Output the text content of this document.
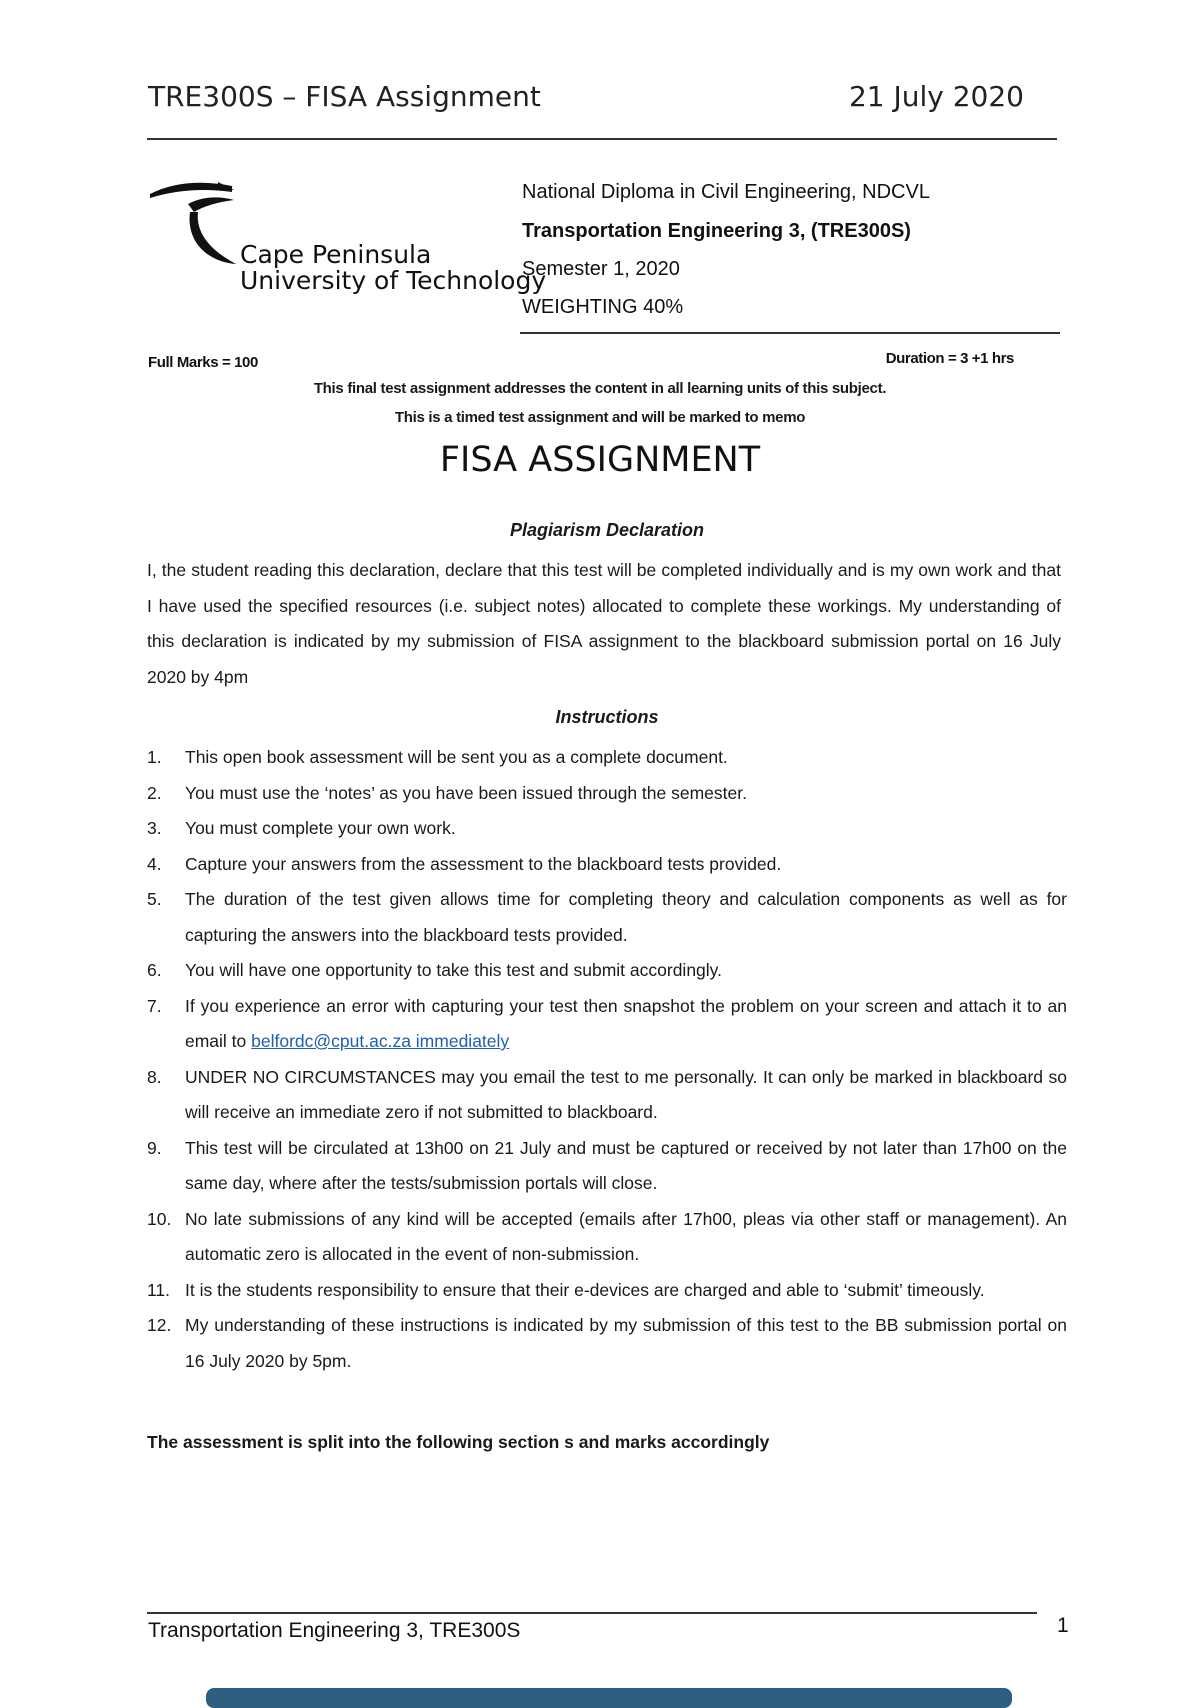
TRE300S – FISA Assignment	21 July 2020
Cape Peninsula
University of Technology
National Diploma in Civil Engineering, NDCVL
Transportation Engineering 3, (TRE300S)
Semester 1, 2020
WEIGHTING 40%
Full Marks = 100	Duration = 3 +1 hrs
This final test assignment addresses the content in all learning units of this subject.
This is a timed test assignment and will be marked to memo
FISA ASSIGNMENT
Plagiarism Declaration
I, the student reading this declaration, declare that this test will be completed individually and is my own work and that I have used the specified resources (i.e. subject notes) allocated to complete these workings. My understanding of this declaration is indicated by my submission of FISA assignment to the blackboard submission portal on 16 July 2020 by 4pm
Instructions
1. This open book assessment will be sent you as a complete document.
2. You must use the ‘notes’ as you have been issued through the semester.
3. You must complete your own work.
4. Capture your answers from the assessment to the blackboard tests provided.
5. The duration of the test given allows time for completing theory and calculation components as well as for capturing the answers into the blackboard tests provided.
6. You will have one opportunity to take this test and submit accordingly.
7. If you experience an error with capturing your test then snapshot the problem on your screen and attach it to an email to belfordc@cput.ac.za immediately
8. UNDER NO CIRCUMSTANCES may you email the test to me personally. It can only be marked in blackboard so will receive an immediate zero if not submitted to blackboard.
9. This test will be circulated at 13h00 on 21 July and must be captured or received by not later than 17h00 on the same day, where after the tests/submission portals will close.
10. No late submissions of any kind will be accepted (emails after 17h00, pleas via other staff or management). An automatic zero is allocated in the event of non-submission.
11. It is the students responsibility to ensure that their e-devices are charged and able to ‘submit’ timeously.
12. My understanding of these instructions is indicated by my submission of this test to the BB submission portal on 16 July 2020 by 5pm.
The assessment is split into the following section s and marks accordingly
Transportation Engineering 3, TRE300S	1
